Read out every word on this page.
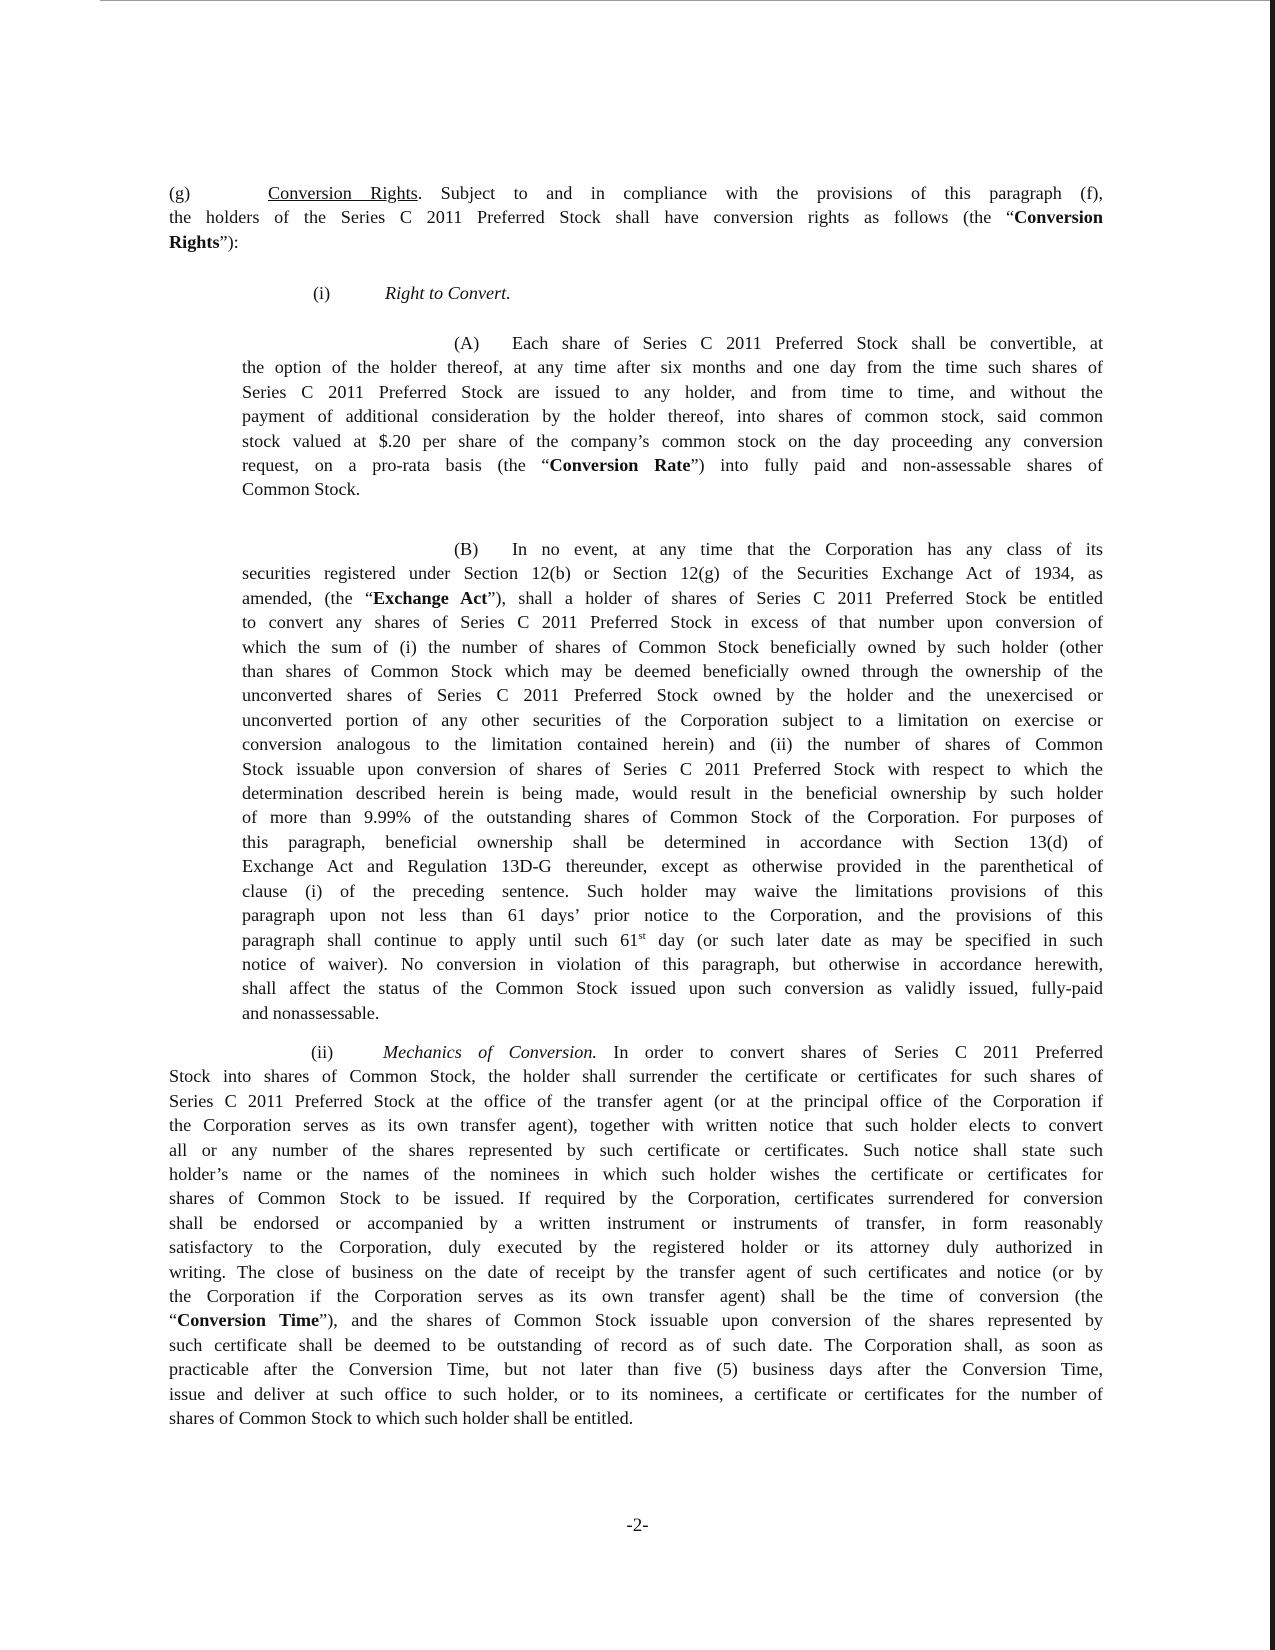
(g)	Conversion Rights. Subject to and in compliance with the provisions of this paragraph (f),
the holders of the Series C 2011 Preferred Stock shall have conversion rights as follows (the “Conversion
Rights”):
(i)	Right to Convert.
(A) Each share of Series C 2011 Preferred Stock shall be convertible, at
the option of the holder thereof, at any time after six months and one day from the time such shares of
Series C 2011 Preferred Stock are issued to any holder, and from time to time, and without the
payment of additional consideration by the holder thereof, into shares of common stock, said common
stock valued at $.20 per share of the company’s common stock on the day proceeding any conversion
request, on a pro-rata basis (the “Conversion Rate”) into fully paid and non-assessable shares of
Common Stock.
(B) In no event, at any time that the Corporation has any class of its
securities registered under Section 12(b) or Section 12(g) of the Securities Exchange Act of 1934, as
amended, (the “Exchange Act”), shall a holder of shares of Series C 2011 Preferred Stock be entitled
to convert any shares of Series C 2011 Preferred Stock in excess of that number upon conversion of
which the sum of (i) the number of shares of Common Stock beneficially owned by such holder (other
than shares of Common Stock which may be deemed beneficially owned through the ownership of the
unconverted shares of Series C 2011 Preferred Stock owned by the holder and the unexercised or
unconverted portion of any other securities of the Corporation subject to a limitation on exercise or
conversion analogous to the limitation contained herein) and (ii) the number of shares of Common
Stock issuable upon conversion of shares of Series C 2011 Preferred Stock with respect to which the
determination described herein is being made, would result in the beneficial ownership by such holder
of more than 9.99% of the outstanding shares of Common Stock of the Corporation. For purposes of
this paragraph, beneficial ownership shall be determined in accordance with Section 13(d) of
Exchange Act and Regulation 13D-G thereunder, except as otherwise provided in the parenthetical of
clause (i) of the preceding sentence. Such holder may waive the limitations provisions of this
paragraph upon not less than 61 days’ prior notice to the Corporation, and the provisions of this
paragraph shall continue to apply until such 61st day (or such later date as may be specified in such
notice of waiver). No conversion in violation of this paragraph, but otherwise in accordance herewith,
shall affect the status of the Common Stock issued upon such conversion as validly issued, fully-paid
and nonassessable.
(ii)	Mechanics of Conversion. In order to convert shares of Series C 2011 Preferred
Stock into shares of Common Stock, the holder shall surrender the certificate or certificates for such shares of
Series C 2011 Preferred Stock at the office of the transfer agent (or at the principal office of the Corporation if
the Corporation serves as its own transfer agent), together with written notice that such holder elects to convert
all or any number of the shares represented by such certificate or certificates. Such notice shall state such
holder’s name or the names of the nominees in which such holder wishes the certificate or certificates for
shares of Common Stock to be issued. If required by the Corporation, certificates surrendered for conversion
shall be endorsed or accompanied by a written instrument or instruments of transfer, in form reasonably
satisfactory to the Corporation, duly executed by the registered holder or its attorney duly authorized in
writing. The close of business on the date of receipt by the transfer agent of such certificates and notice (or by
the Corporation if the Corporation serves as its own transfer agent) shall be the time of conversion (the
“Conversion Time”), and the shares of Common Stock issuable upon conversion of the shares represented by
such certificate shall be deemed to be outstanding of record as of such date. The Corporation shall, as soon as
practicable after the Conversion Time, but not later than five (5) business days after the Conversion Time,
issue and deliver at such office to such holder, or to its nominees, a certificate or certificates for the number of
shares of Common Stock to which such holder shall be entitled.
-2-
